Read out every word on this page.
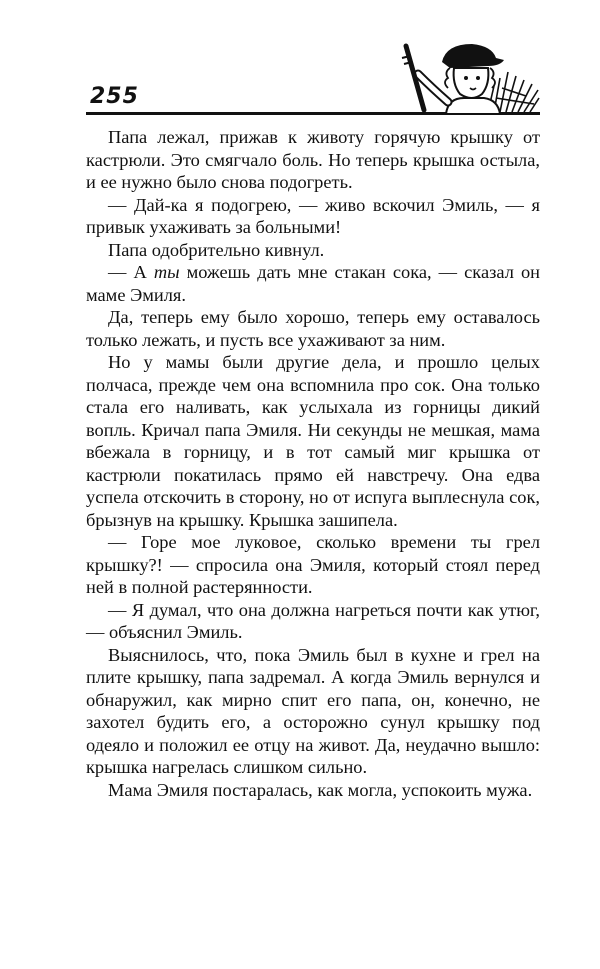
255

Папа лежал, прижав к животу горячую крышку от кастрюли. Это смягчало боль. Но теперь крышка остыла, и ее нужно было снова подогреть.

— Дай-ка я подогрею, — живо вскочил Эмиль, — я привык ухаживать за больными!

Папа одобрительно кивнул.

— А ты можешь дать мне стакан сока, — сказал он маме Эмиля.

Да, теперь ему было хорошо, теперь ему оставалось только лежать, и пусть все ухаживают за ним.

Но у мамы были другие дела, и прошло целых полчаса, прежде чем она вспомнила про сок. Она только стала его наливать, как услыхала из горницы дикий вопль. Кричал папа Эмиля. Ни секунды не мешкая, мама вбежала в горницу, и в тот самый миг крышка от кастрюли покатилась прямо ей навстречу. Она едва успела отскочить в сторону, но от испуга выплеснула сок, брызнув на крышку. Крышка зашипела.

— Горе мое луковое, сколько времени ты грел крышку?! — спросила она Эмиля, который стоял перед ней в полной растерянности.

— Я думал, что она должна нагреться почти как утюг, — объяснил Эмиль.

Выяснилось, что, пока Эмиль был в кухне и грел на плите крышку, папа задремал. А когда Эмиль вернулся и обнаружил, как мирно спит его папа, он, конечно, не захотел будить его, а осторожно сунул крышку под одеяло и положил ее отцу на живот. Да, неудачно вышло: крышка нагрелась слишком сильно.

Мама Эмиля постаралась, как могла, успокоить мужа.
